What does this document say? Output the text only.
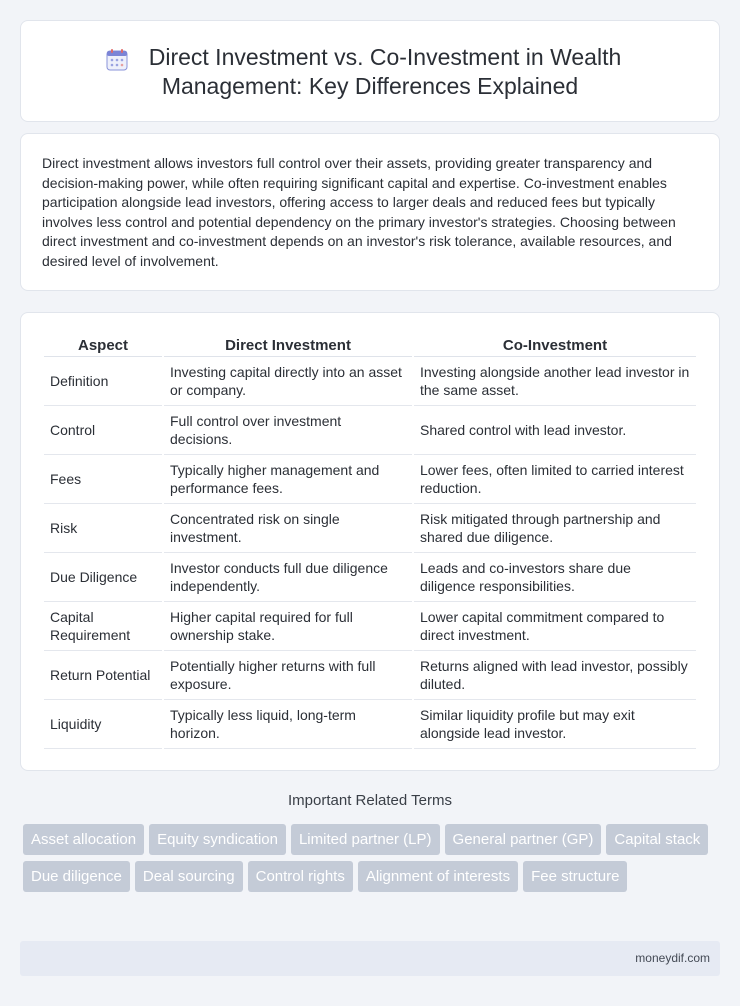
Direct Investment vs. Co-Investment in Wealth
Management: Key Differences Explained

Direct investment allows investors full control over their assets, providing greater transparency and decision-making power, while often requiring significant capital and expertise. Co-investment enables participation alongside lead investors, offering access to larger deals and reduced fees but typically involves less control and potential dependency on the primary investor's strategies. Choosing between direct investment and co-investment depends on an investor's risk tolerance, available resources, and desired level of involvement.

Aspect	Direct Investment	Co-Investment
Definition	Investing capital directly into an asset or company.	Investing alongside another lead investor in the same asset.
Control	Full control over investment decisions.	Shared control with lead investor.
Fees	Typically higher management and performance fees.	Lower fees, often limited to carried interest reduction.
Risk	Concentrated risk on single investment.	Risk mitigated through partnership and shared due diligence.
Due Diligence	Investor conducts full due diligence independently.	Leads and co-investors share due diligence responsibilities.
Capital Requirement	Higher capital required for full ownership stake.	Lower capital commitment compared to direct investment.
Return Potential	Potentially higher returns with full exposure.	Returns aligned with lead investor, possibly diluted.
Liquidity	Typically less liquid, long-term horizon.	Similar liquidity profile but may exit alongside lead investor.
Important Related Terms
Asset allocation	Equity syndication	Limited partner (LP)	General partner (GP)	Capital stack
Due diligence	Deal sourcing	Control rights	Alignment of interests	Fee structure
moneydif.com
